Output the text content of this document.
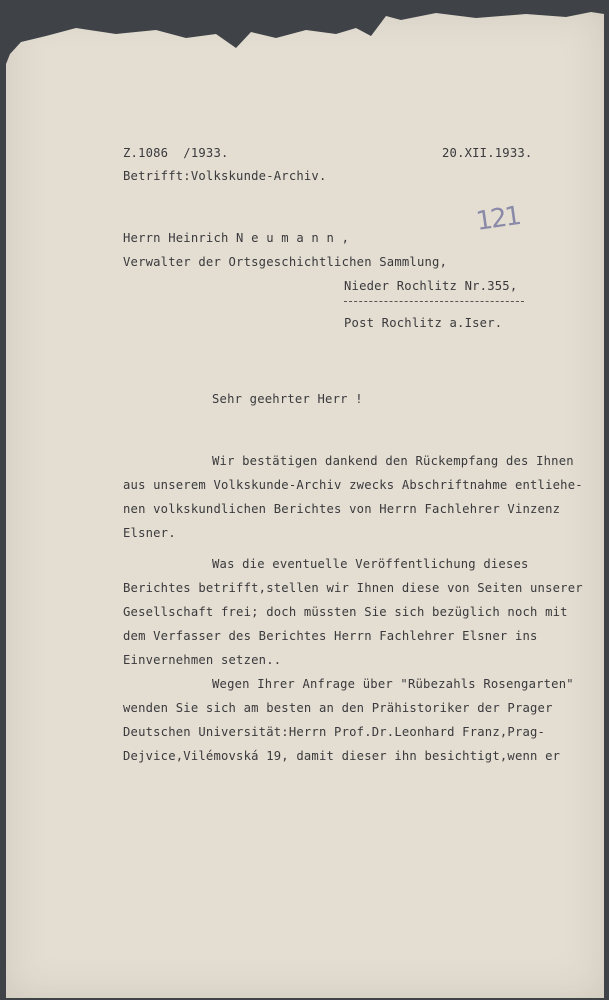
Z.1086  /1933.	20.XII.1933.
Betrifft:Volkskunde-Archiv.
121
Herrn Heinrich N e u m a n n ,
Verwalter der Ortsgeschichtlichen Sammlung,
Nieder Rochlitz Nr.355,
Post Rochlitz a.Iser.
Sehr geehrter Herr !
Wir bestätigen dankend den Rückempfang des Ihnen
aus unserem Volkskunde-Archiv zwecks Abschriftnahme entliehe-
nen volkskundlichen Berichtes von Herrn Fachlehrer Vinzenz
Elsner.
Was die eventuelle Veröffentlichung dieses
Berichtes betrifft,stellen wir Ihnen diese von Seiten unserer
Gesellschaft frei; doch müssten Sie sich bezüglich noch mit
dem Verfasser des Berichtes Herrn Fachlehrer Elsner ins
Einvernehmen setzen..
Wegen Ihrer Anfrage über "Rübezahls Rosengarten"
wenden Sie sich am besten an den Prähistoriker der Prager
Deutschen Universität:Herrn Prof.Dr.Leonhard Franz,Prag-
Dejvice,Vilémovská 19, damit dieser ihn besichtigt,wenn er
